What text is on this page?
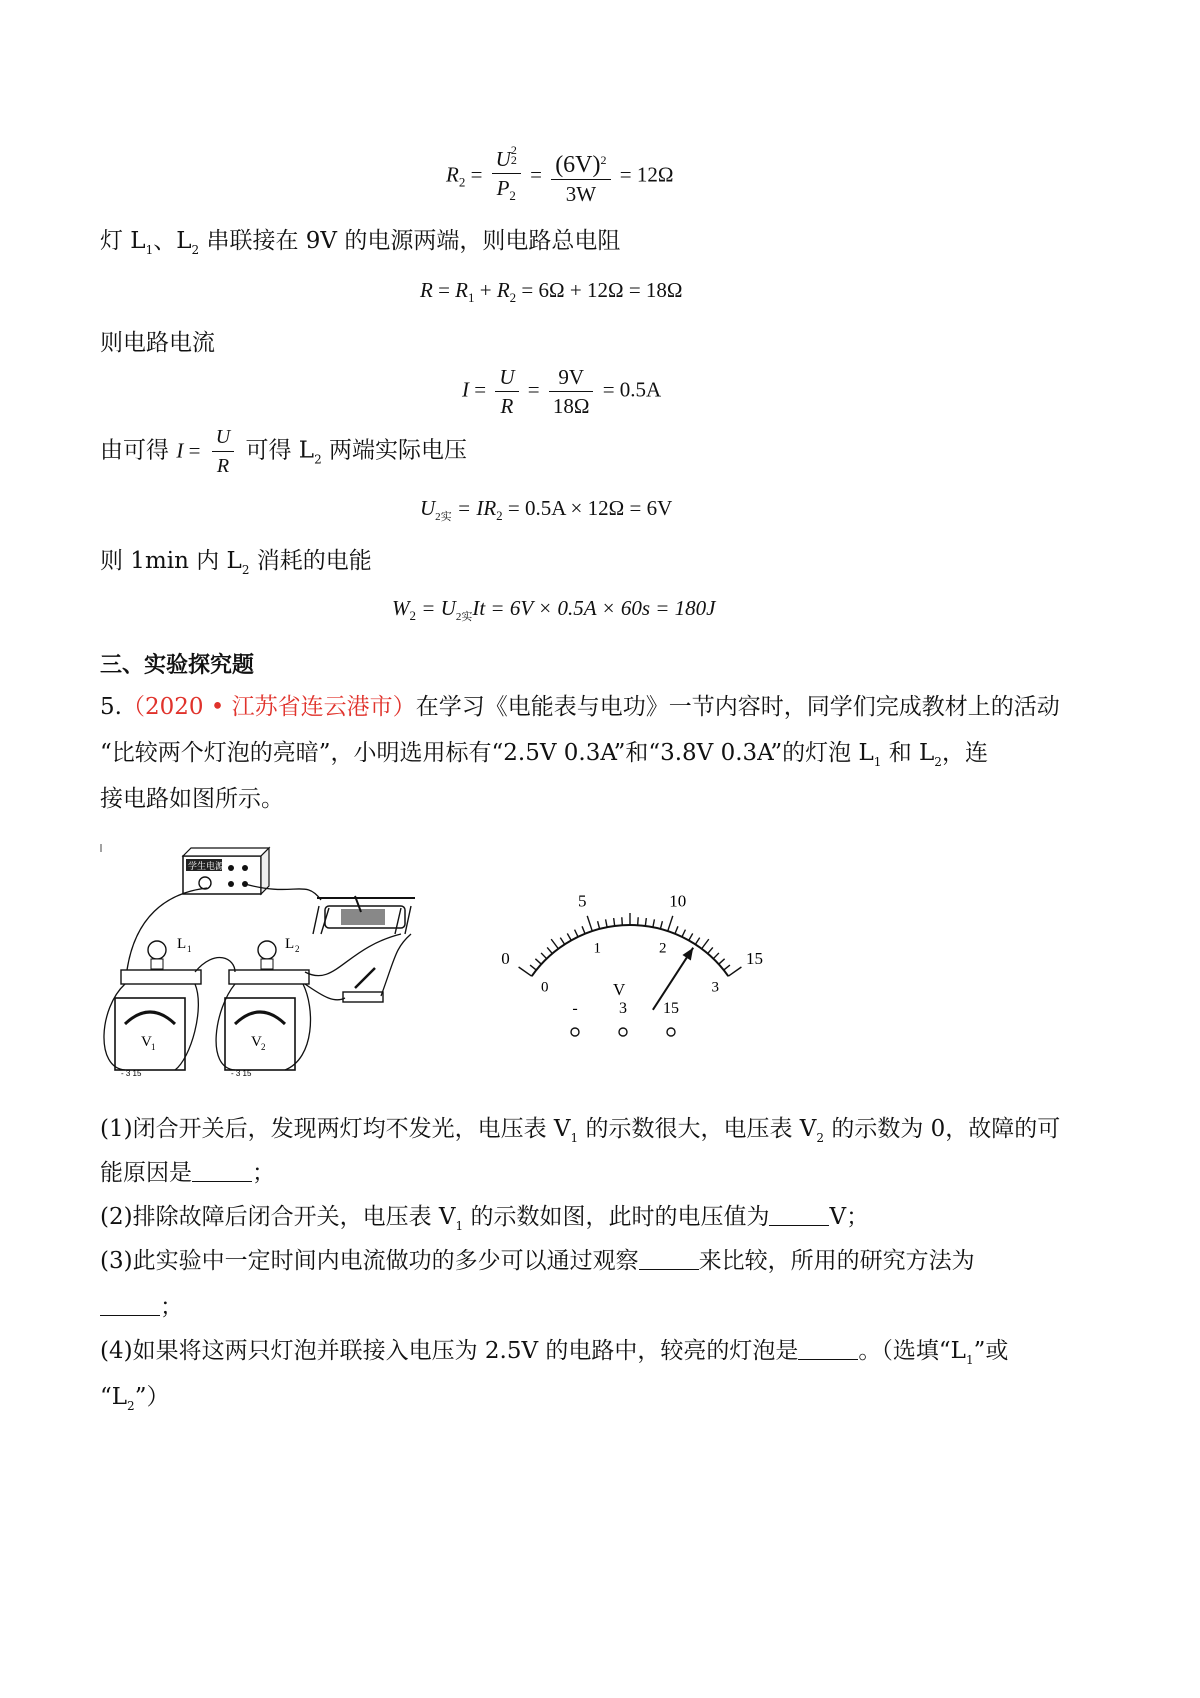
$R_2 = U$ 2
2
$P_2 = \frac{(6V)^2}{3W} = 12\Omega$
灯 $L_1$、$L_2$ 串联接在 9V 的电源两端，则电路总电阻
$R = R_1 + R_2 = 6\Omega + 12\Omega = 18\Omega$
则电路电流
$I = \frac{U}{R} = \frac{9V}{18\Omega} = 0.5A$
由可得 $I = \frac{U}{R}$ 可得 $L_2$ 两端实际电压
$U_{2实} = IR_2 = 0.5A \times 12\Omega = 6V$
则 1min 内 $L_2$ 消耗的电能
$W_2 = U_{2实}It = 6V \times 0.5A \times 60s = 180J$
三、实验探究题
5.（2020 • 江苏省连云港市）在学习《电能表与电功》一节内容时，同学们完成教材上的活动
“比较两个灯泡的亮暗”，小明选用标有“2.5V 0.3A”和“3.8V 0.3A”的灯泡 $L_1$ 和 $L_2$，连
接电路如图所示。
学生电源
L 1	L 2
V 1
- 3 15
V 2
- 3 15
0
5	10
15
0
1	2
3
V
-	3 15
(1)闭合开关后，发现两灯均不发光，电压表 $V_1$ 的示数很大，电压表 $V_2$ 的示数为 0，故障的可
能原因是	；
(2)排除故障后闭合开关，电压表 $V_1$ 的示数如图，此时的电压值为	V；
(3)此实验中一定时间内电流做功的多少可以通过观察	来比较，所用的研究方法为
；
(4)如果将这两只灯泡并联接入电压为 2.5V 的电路中，较亮的灯泡是	。（选填“$L_1$”或
“$L_2$”）
